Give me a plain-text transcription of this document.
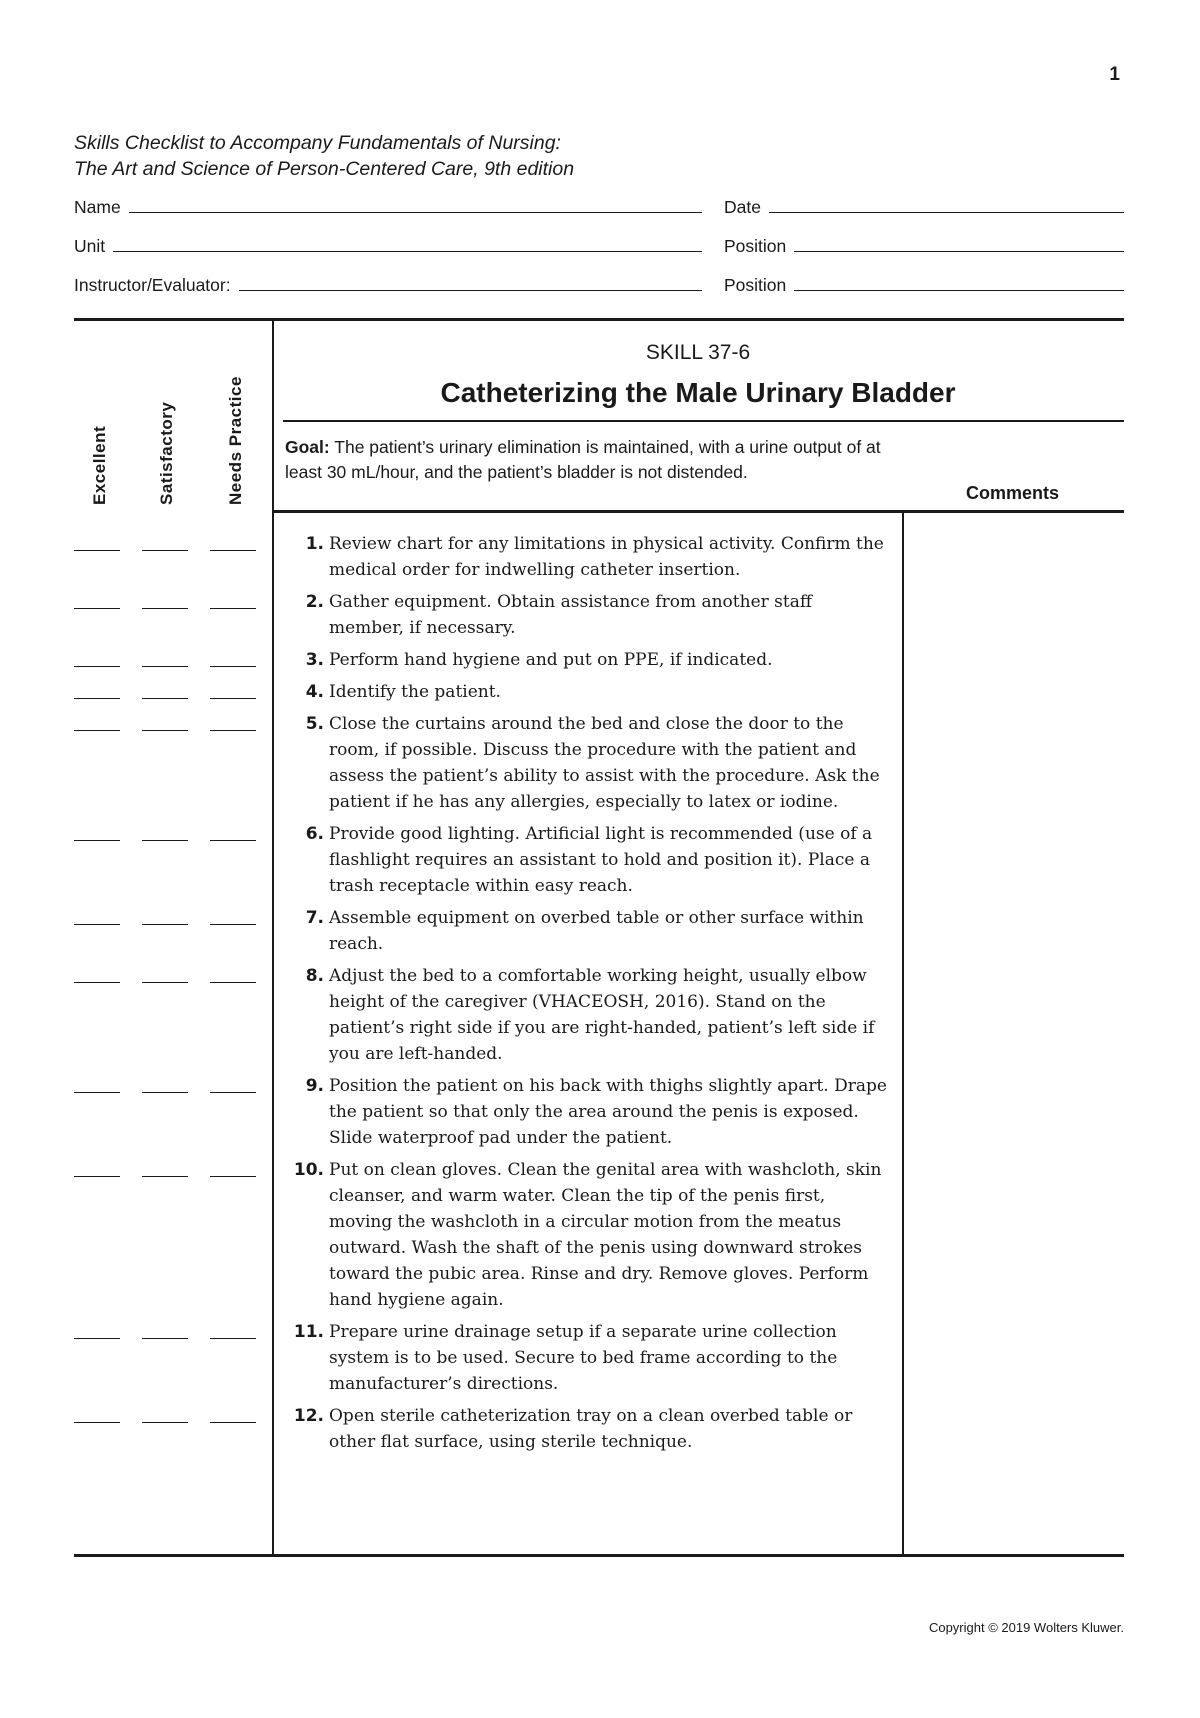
1
Skills Checklist to Accompany Fundamentals of Nursing:
The Art and Science of Person-Centered Care, 9th edition
Name	Date
Unit	Position
Instructor/Evaluator:	Position
Excellent	Satisfactory	Needs Practice
SKILL 37-6
Catheterizing the Male Urinary Bladder
Goal: The patient’s urinary elimination is maintained, with a urine output of at least 30 mL/hour, and the patient’s bladder is not distended.
Comments
1. Review chart for any limitations in physical activity. Confirm the medical order for indwelling catheter insertion.
2. Gather equipment. Obtain assistance from another staff member, if necessary.
3. Perform hand hygiene and put on PPE, if indicated.
4. Identify the patient.
5. Close the curtains around the bed and close the door to the room, if possible. Discuss the procedure with the patient and assess the patient’s ability to assist with the procedure. Ask the patient if he has any allergies, especially to latex or iodine.
6. Provide good lighting. Artificial light is recommended (use of a flashlight requires an assistant to hold and position it). Place a trash receptacle within easy reach.
7. Assemble equipment on overbed table or other surface within reach.
8. Adjust the bed to a comfortable working height, usually elbow height of the caregiver (VHACEOSH, 2016). Stand on the patient’s right side if you are right-handed, patient’s left side if you are left-handed.
9. Position the patient on his back with thighs slightly apart. Drape the patient so that only the area around the penis is exposed. Slide waterproof pad under the patient.
10. Put on clean gloves. Clean the genital area with washcloth, skin cleanser, and warm water. Clean the tip of the penis first, moving the washcloth in a circular motion from the meatus outward. Wash the shaft of the penis using downward strokes toward the pubic area. Rinse and dry. Remove gloves. Perform hand hygiene again.
11. Prepare urine drainage setup if a separate urine collection system is to be used. Secure to bed frame according to the manufacturer’s directions.
12. Open sterile catheterization tray on a clean overbed table or other flat surface, using sterile technique.
Copyright © 2019 Wolters Kluwer.
